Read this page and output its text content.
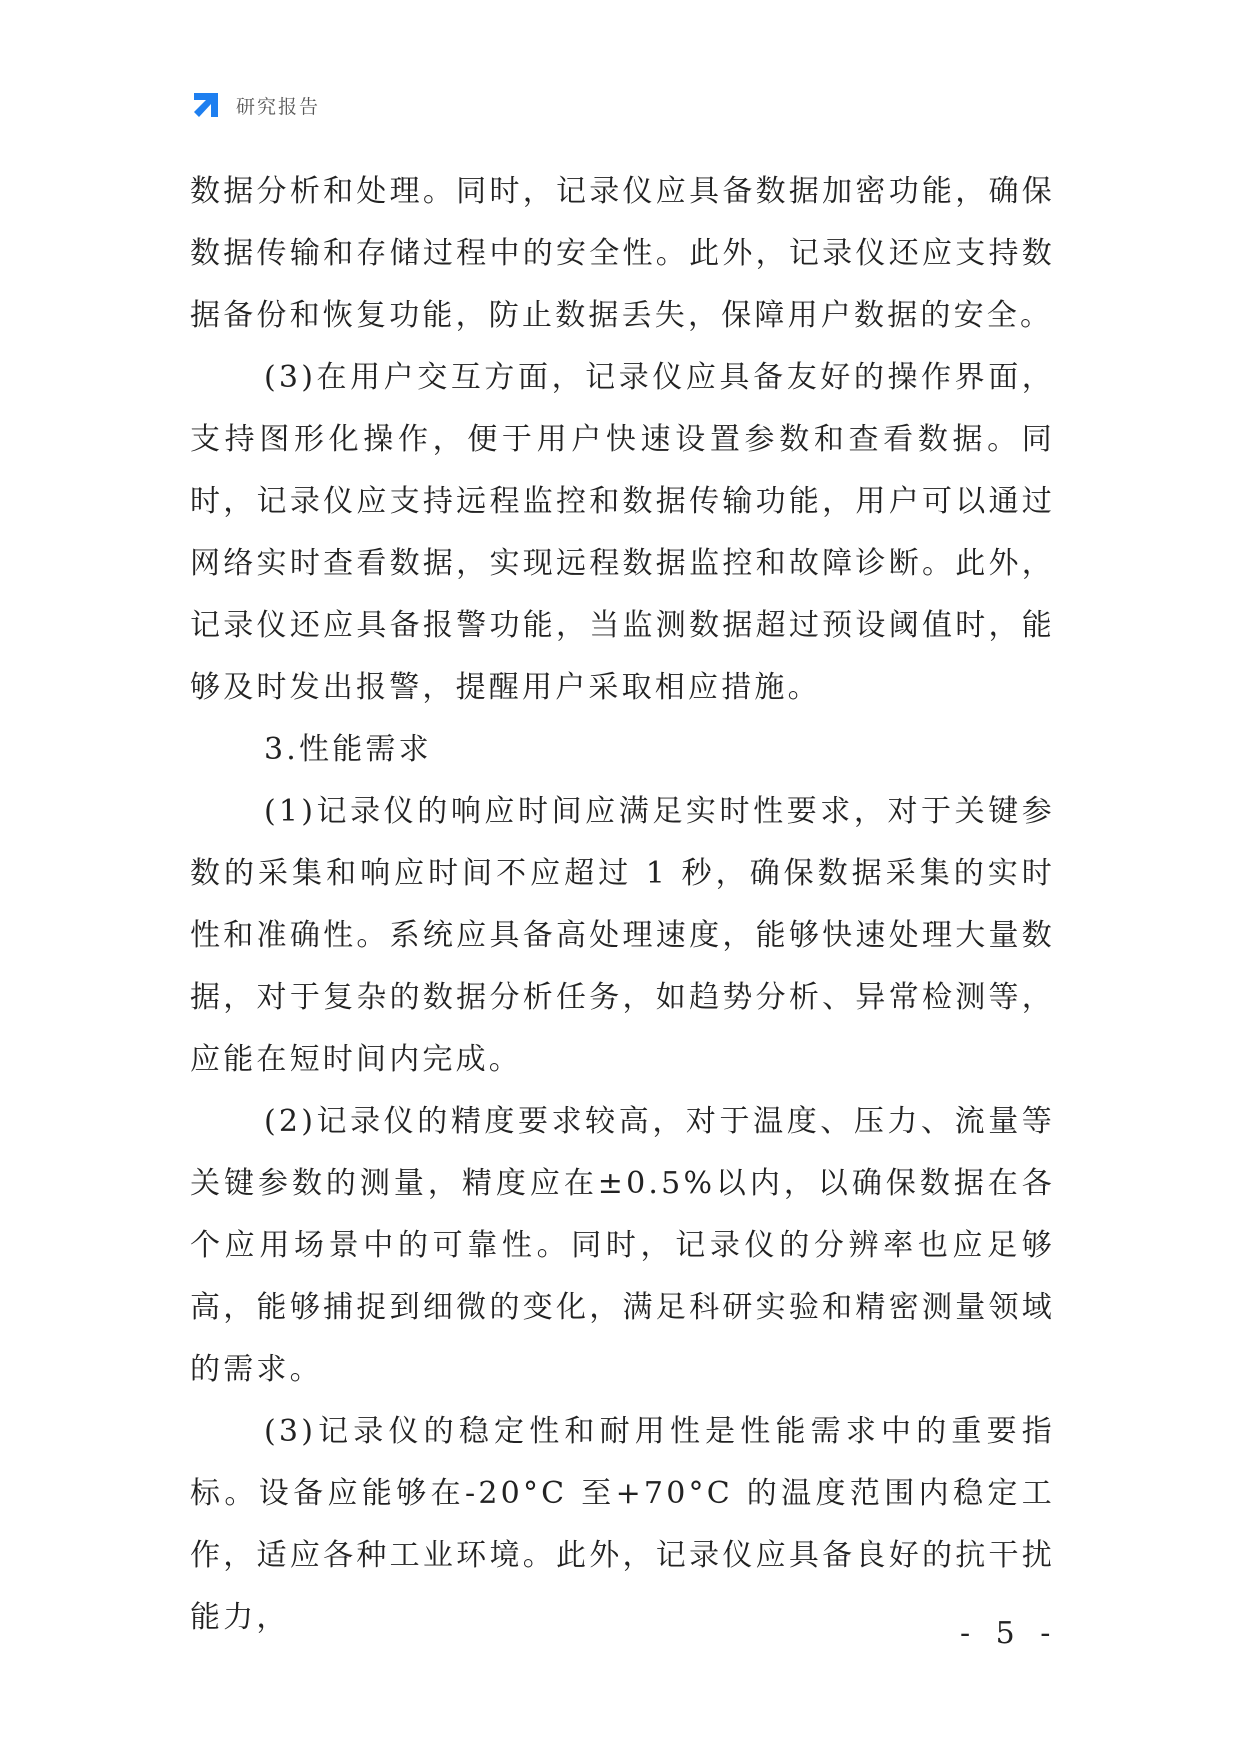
研究报告

数据分析和处理。同时，记录仪应具备数据加密功能，确保数据传输和存储过程中的安全性。此外，记录仪还应支持数据备份和恢复功能，防止数据丢失，保障用户数据的安全。

(3)在用户交互方面，记录仪应具备友好的操作界面，支持图形化操作，便于用户快速设置参数和查看数据。同时，记录仪应支持远程监控和数据传输功能，用户可以通过网络实时查看数据，实现远程数据监控和故障诊断。此外，记录仪还应具备报警功能，当监测数据超过预设阈值时，能够及时发出报警，提醒用户采取相应措施。

3.性能需求

(1)记录仪的响应时间应满足实时性要求，对于关键参数的采集和响应时间不应超过 1 秒，确保数据采集的实时性和准确性。系统应具备高处理速度，能够快速处理大量数据，对于复杂的数据分析任务，如趋势分析、异常检测等，应能在短时间内完成。

(2)记录仪的精度要求较高，对于温度、压力、流量等关键参数的测量，精度应在±0.5%以内，以确保数据在各个应用场景中的可靠性。同时，记录仪的分辨率也应足够高，能够捕捉到细微的变化，满足科研实验和精密测量领域的需求。

(3)记录仪的稳定性和耐用性是性能需求中的重要指标。设备应能够在-20°C 至+70°C 的温度范围内稳定工作，适应各种工业环境。此外，记录仪应具备良好的抗干扰能力，	- 5 -
